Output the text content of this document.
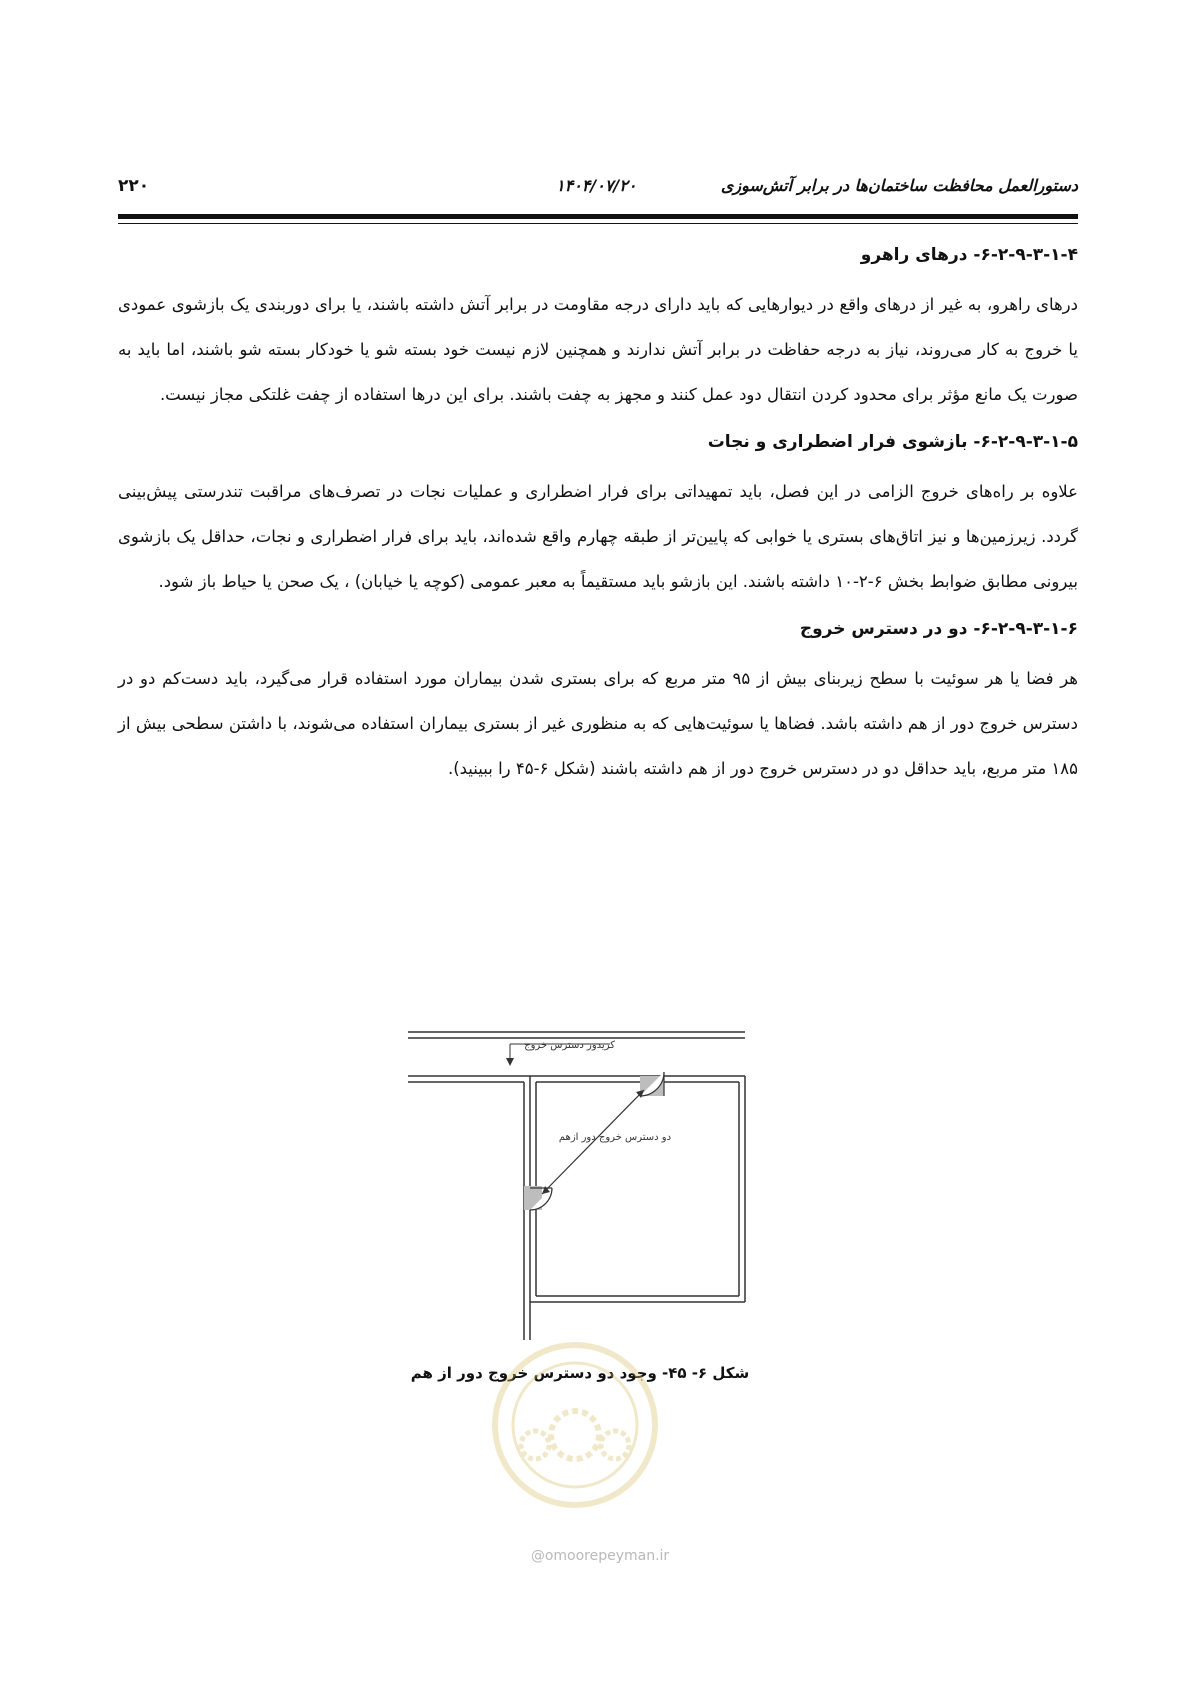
۲۲۰	۱۴۰۴/۰۷/۲۰	دستورالعمل محافظت ساختمان‌ها در برابر آتش‌سوزی
۶-۲-۹-۳-۱-۴- درهای راهرو
درهای راهرو، به غیر از درهای واقع در دیوارهایی که باید دارای درجه مقاومت در برابر آتش داشته باشند، یا برای دوربندی یک بازشوی عمودی یا خروج به کار می‌روند، نیاز به درجه حفاظت در برابر آتش ندارند و همچنین لازم نیست خود بسته شو یا خودکار بسته شو باشند، اما باید به صورت یک مانع مؤثر برای محدود کردن انتقال دود عمل کنند و مجهز به چفت باشند. برای این درها استفاده از چفت غلتکی مجاز نیست.
۶-۲-۹-۳-۱-۵- بازشوی فرار اضطراری و نجات
علاوه بر راه‌های خروج الزامی در این فصل، باید تمهیداتی برای فرار اضطراری و عملیات نجات در تصرف‌های مراقبت تندرستی پیش‌بینی گردد. زیرزمین‌ها و نیز اتاق‌های بستری یا خوابی که پایین‌تر از طبقه چهارم واقع شده‌اند، باید برای فرار اضطراری و نجات، حداقل یک بازشوی بیرونی مطابق ضوابط بخش ۶-۲-۱۰ داشته باشند. این بازشو باید مستقیماً به معبر عمومی (کوچه یا خیابان) ، یک صحن یا حیاط باز شود.
۶-۲-۹-۳-۱-۶- دو در دسترس خروج
هر فضا یا هر سوئیت با سطح زیربنای بیش از ۹۵ متر مربع که برای بستری شدن بیماران مورد استفاده قرار می‌گیرد، باید دست‌کم دو در دسترس خروج دور از هم داشته باشد. فضاها یا سوئیت‌هایی که به منظوری غیر از بستری بیماران استفاده می‌شوند، با داشتن سطحی بیش از ۱۸۵ متر مربع، باید حداقل دو در دسترس خروج دور از هم داشته باشند (شکل ۶-۴۵ را ببینید).
کریدور دسترس خروج
دو دسترس خروج دور ازهم
شکل ۶- ۴۵- وجود دو دسترس خروج دور از هم
@omoorepeyman.ir
